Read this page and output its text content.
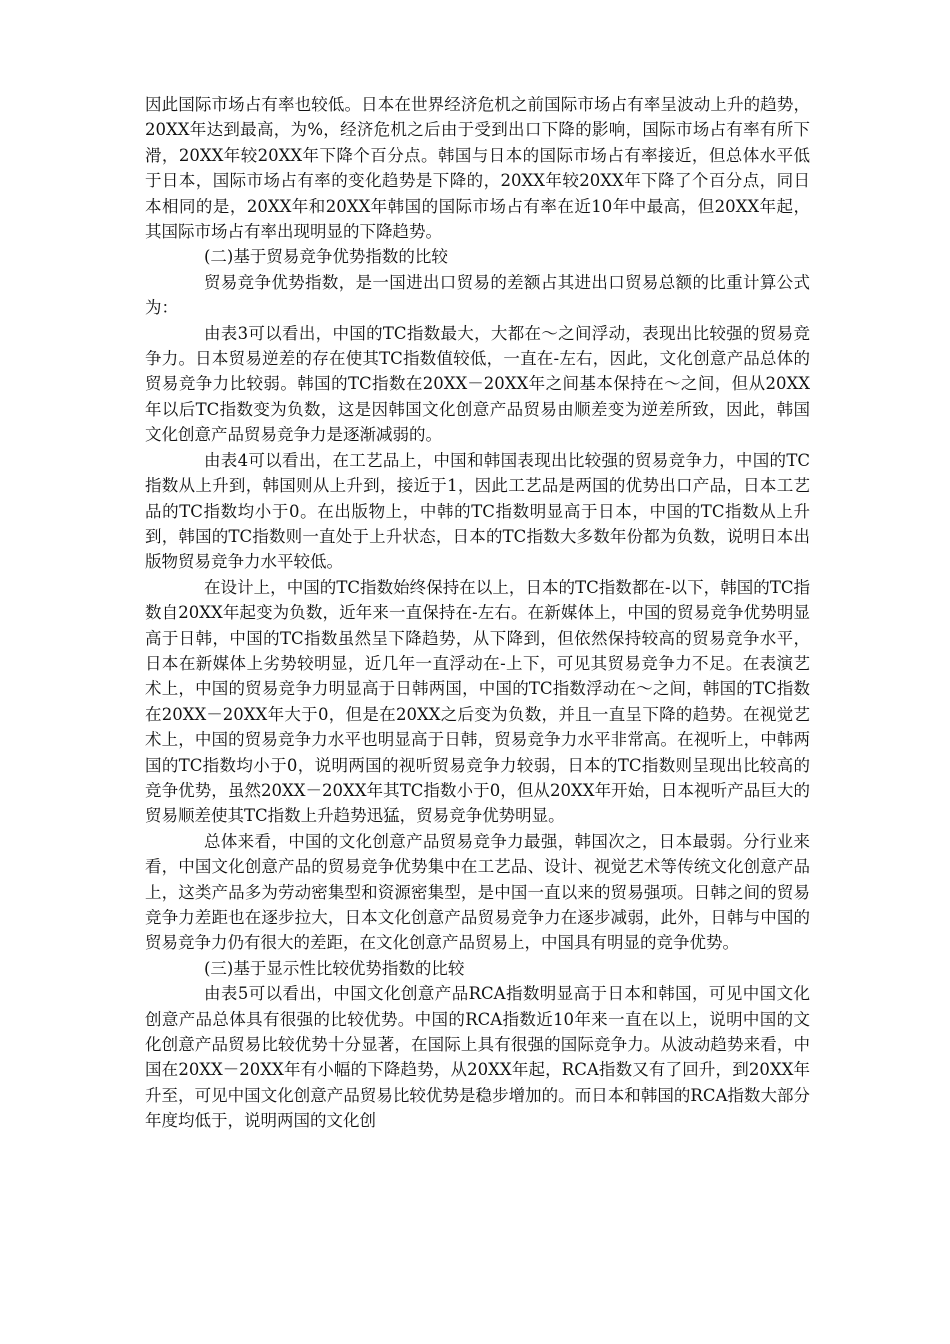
因此国际市场占有率也较低。日本在世界经济危机之前国际市场占有率呈波动上升的趋势，20XX年达到最高，为%，经济危机之后由于受到出口下降的影响，国际市场占有率有所下滑，20XX年较20XX年下降个百分点。韩国与日本的国际市场占有率接近，但总体水平低于日本，国际市场占有率的变化趋势是下降的，20XX年较20XX年下降了个百分点，同日本相同的是，20XX年和20XX年韩国的国际市场占有率在近10年中最高，但20XX年起，其国际市场占有率出现明显的下降趋势。

(二)基于贸易竞争优势指数的比较

贸易竞争优势指数，是一国进出口贸易的差额占其进出口贸易总额的比重计算公式为：

由表3可以看出，中国的TC指数最大，大都在～之间浮动，表现出比较强的贸易竞争力。日本贸易逆差的存在使其TC指数值较低，一直在-左右，因此，文化创意产品总体的贸易竞争力比较弱。韩国的TC指数在20XX－20XX年之间基本保持在～之间，但从20XX年以后TC指数变为负数，这是因韩国文化创意产品贸易由顺差变为逆差所致，因此，韩国文化创意产品贸易竞争力是逐渐减弱的。

由表4可以看出，在工艺品上，中国和韩国表现出比较强的贸易竞争力，中国的TC指数从上升到，韩国则从上升到，接近于1，因此工艺品是两国的优势出口产品，日本工艺品的TC指数均小于0。在出版物上，中韩的TC指数明显高于日本，中国的TC指数从上升到，韩国的TC指数则一直处于上升状态，日本的TC指数大多数年份都为负数，说明日本出版物贸易竞争力水平较低。

在设计上，中国的TC指数始终保持在以上，日本的TC指数都在-以下，韩国的TC指数自20XX年起变为负数，近年来一直保持在-左右。在新媒体上，中国的贸易竞争优势明显高于日韩，中国的TC指数虽然呈下降趋势，从下降到，但依然保持较高的贸易竞争水平，日本在新媒体上劣势较明显，近几年一直浮动在-上下，可见其贸易竞争力不足。在表演艺术上，中国的贸易竞争力明显高于日韩两国，中国的TC指数浮动在～之间，韩国的TC指数在20XX－20XX年大于0，但是在20XX之后变为负数，并且一直呈下降的趋势。在视觉艺术上，中国的贸易竞争力水平也明显高于日韩，贸易竞争力水平非常高。在视听上，中韩两国的TC指数均小于0，说明两国的视听贸易竞争力较弱，日本的TC指数则呈现出比较高的竞争优势，虽然20XX－20XX年其TC指数小于0，但从20XX年开始，日本视听产品巨大的贸易顺差使其TC指数上升趋势迅猛，贸易竞争优势明显。

总体来看，中国的文化创意产品贸易竞争力最强，韩国次之，日本最弱。分行业来看，中国文化创意产品的贸易竞争优势集中在工艺品、设计、视觉艺术等传统文化创意产品上，这类产品多为劳动密集型和资源密集型，是中国一直以来的贸易强项。日韩之间的贸易竞争力差距也在逐步拉大，日本文化创意产品贸易竞争力在逐步减弱，此外，日韩与中国的贸易竞争力仍有很大的差距，在文化创意产品贸易上，中国具有明显的竞争优势。

(三)基于显示性比较优势指数的比较

由表5可以看出，中国文化创意产品RCA指数明显高于日本和韩国，可见中国文化创意产品总体具有很强的比较优势。中国的RCA指数近10年来一直在以上，说明中国的文化创意产品贸易比较优势十分显著，在国际上具有很强的国际竞争力。从波动趋势来看，中国在20XX－20XX年有小幅的下降趋势，从20XX年起，RCA指数又有了回升，到20XX年升至，可见中国文化创意产品贸易比较优势是稳步增加的。而日本和韩国的RCA指数大部分年度均低于，说明两国的文化创
